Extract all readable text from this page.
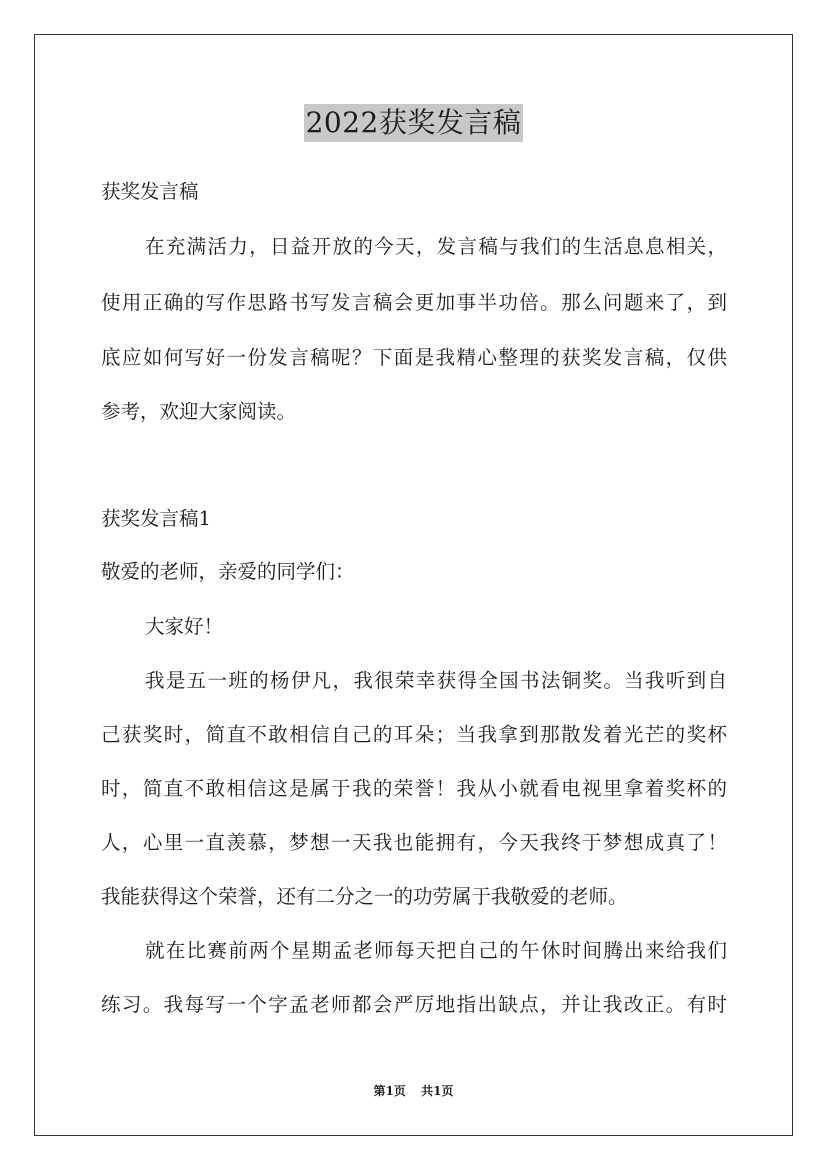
2022获奖发言稿
获奖发言稿
在充满活力，日益开放的今天，发言稿与我们的生活息息相关，
使用正确的写作思路书写发言稿会更加事半功倍。那么问题来了，到
底应如何写好一份发言稿呢？下面是我精心整理的获奖发言稿，仅供
参考，欢迎大家阅读。
获奖发言稿1
敬爱的老师，亲爱的同学们：
大家好！
我是五一班的杨伊凡，我很荣幸获得全国书法铜奖。当我听到自
己获奖时，简直不敢相信自己的耳朵；当我拿到那散发着光芒的奖杯
时，简直不敢相信这是属于我的荣誉！我从小就看电视里拿着奖杯的
人，心里一直羡慕，梦想一天我也能拥有，今天我终于梦想成真了！
我能获得这个荣誉，还有二分之一的功劳属于我敬爱的老师。
就在比赛前两个星期孟老师每天把自己的午休时间腾出来给我们
练习。我每写一个字孟老师都会严厉地指出缺点，并让我改正。有时
第1页 共1页
